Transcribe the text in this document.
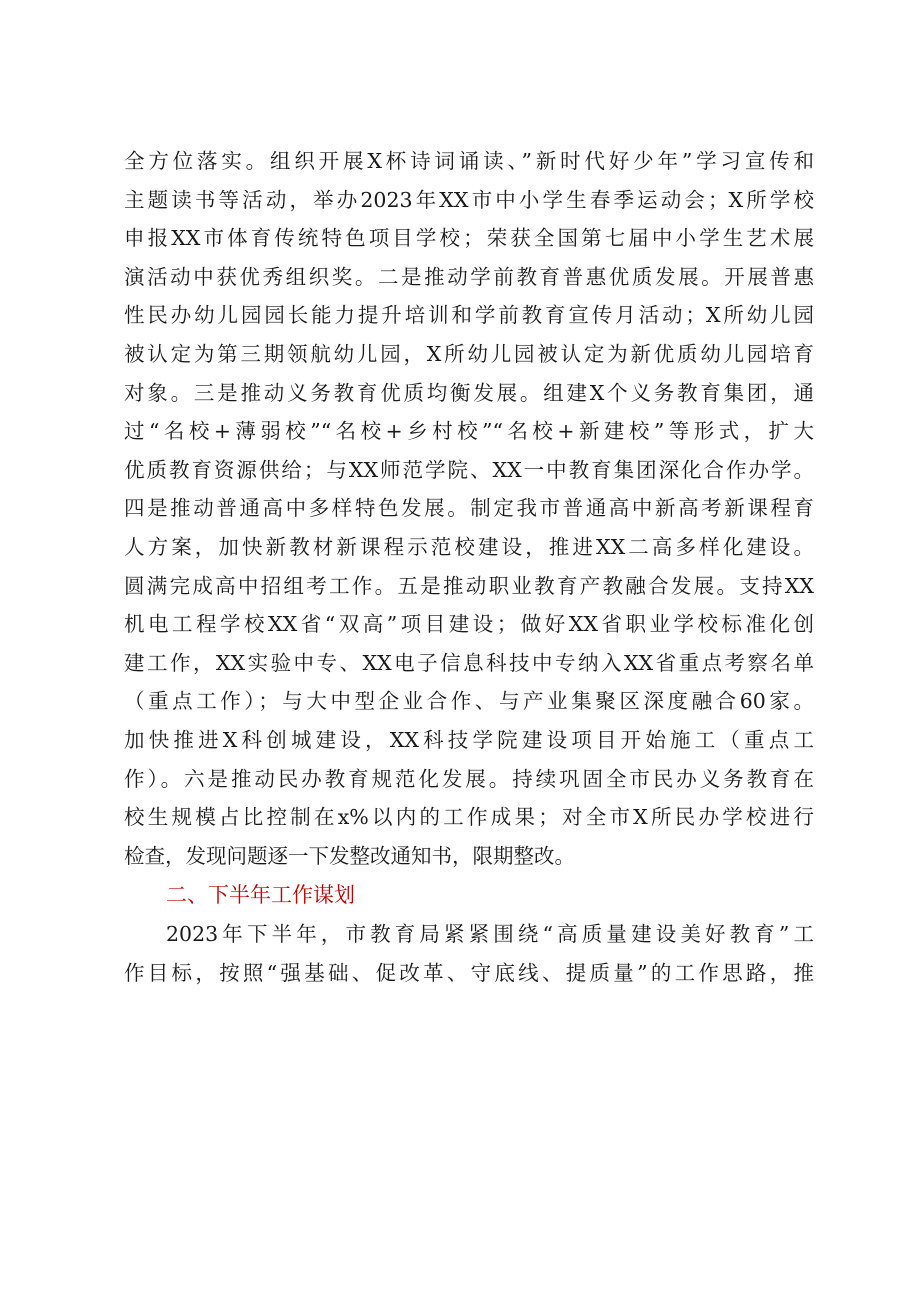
全方位落实。组织开展X杯诗词诵读、”新时代好少年”学习宣传和
主题读书等活动，举办2023年XX市中小学生春季运动会；X所学校
申报XX市体育传统特色项目学校；荣获全国第七届中小学生艺术展
演活动中获优秀组织奖。二是推动学前教育普惠优质发展。开展普惠
性民办幼儿园园长能力提升培训和学前教育宣传月活动；X所幼儿园
被认定为第三期领航幼儿园，X所幼儿园被认定为新优质幼儿园培育
对象。三是推动义务教育优质均衡发展。组建X个义务教育集团，通
过“名校+薄弱校”“名校+乡村校”“名校+新建校”等形式，扩大
优质教育资源供给；与XX师范学院、XX一中教育集团深化合作办学。
四是推动普通高中多样特色发展。制定我市普通高中新高考新课程育
人方案，加快新教材新课程示范校建设，推进XX二高多样化建设。
圆满完成高中招组考工作。五是推动职业教育产教融合发展。支持XX
机电工程学校XX省“双高”项目建设；做好XX省职业学校标准化创
建工作，XX实验中专、XX电子信息科技中专纳入XX省重点考察名单
（重点工作）；与大中型企业合作、与产业集聚区深度融合60家。
加快推进X科创城建设，XX科技学院建设项目开始施工（重点工
作）。六是推动民办教育规范化发展。持续巩固全市民办义务教育在
校生规模占比控制在x%以内的工作成果；对全市X所民办学校进行
检查，发现问题逐一下发整改通知书，限期整改。
二、下半年工作谋划
2023年下半年，市教育局紧紧围绕“高质量建设美好教育”工
作目标，按照“强基础、促改革、守底线、提质量”的工作思路，推
